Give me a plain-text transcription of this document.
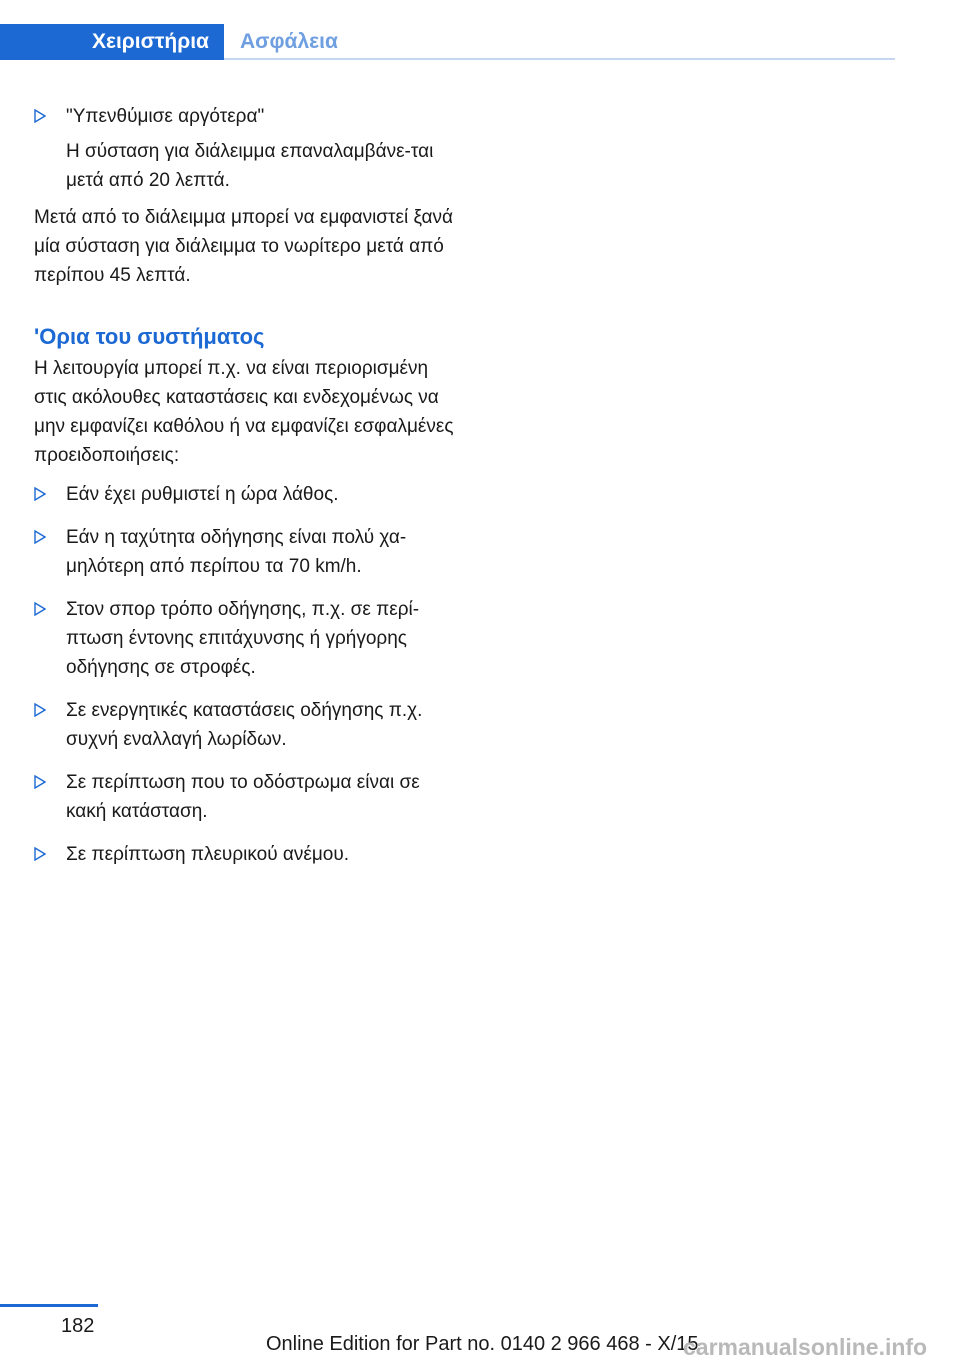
Χειριστήρια	Ασφάλεια

"Υπενθύμισε αργότερα"

Η σύσταση για διάλειμμα επαναλαμβάνε‐ται μετά από 20 λεπτά.

Μετά από το διάλειμμα μπορεί να εμφανιστεί ξανά μία σύσταση για διάλειμμα το νωρίτερο μετά από περίπου 45 λεπτά.

'Ορια του συστήματος

Η λειτουργία μπορεί π.χ. να είναι περιορισμένη στις ακόλουθες καταστάσεις και ενδεχομένως να μην εμφανίζει καθόλου ή να εμφανίζει εσφαλμένες προειδοποιήσεις:

Εάν έχει ρυθμιστεί η ώρα λάθος.

Εάν η ταχύτητα οδήγησης είναι πολύ χα‐μηλότερη από περίπου τα 70 km/h.

Στον σπορ τρόπο οδήγησης, π.χ. σε περί‐πτωση έντονης επιτάχυνσης ή γρήγορης οδήγησης σε στροφές.

Σε ενεργητικές καταστάσεις οδήγησης π.χ. συχνή εναλλαγή λωρίδων.

Σε περίπτωση που το οδόστρωμα είναι σε κακή κατάσταση.

Σε περίπτωση πλευρικού ανέμου.

182
Online Edition for Part no. 0140 2 966 468 - X/15
carmanualsonline.info
